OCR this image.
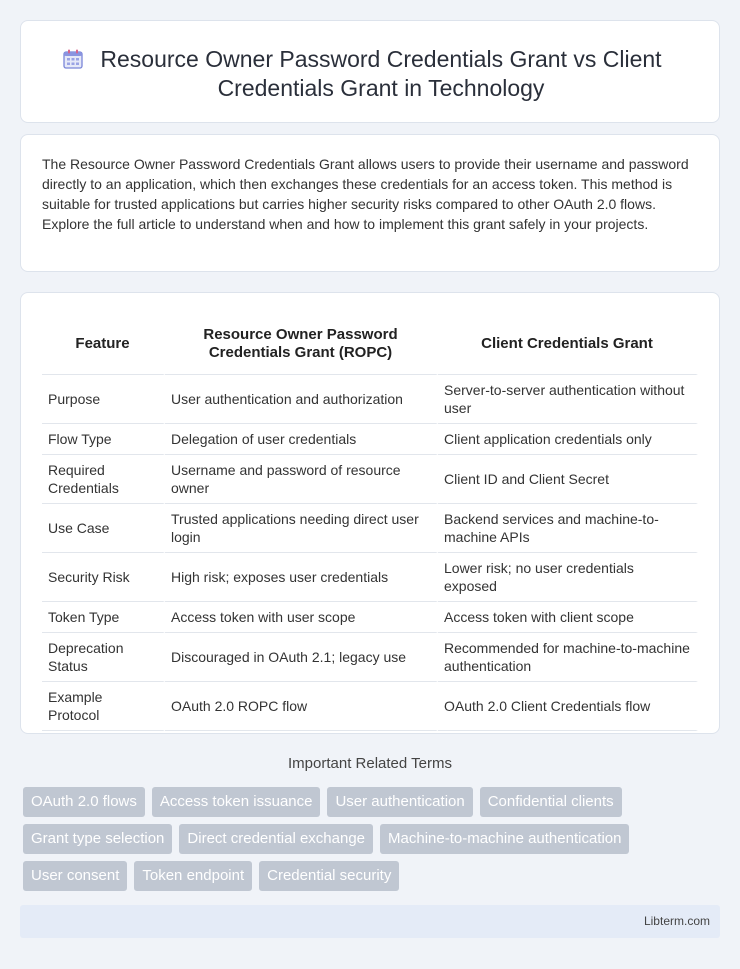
Resource Owner Password Credentials Grant vs Client Credentials Grant in Technology

The Resource Owner Password Credentials Grant allows users to provide their username and password directly to an application, which then exchanges these credentials for an access token. This method is suitable for trusted applications but carries higher security risks compared to other OAuth 2.0 flows. Explore the full article to understand when and how to implement this grant safely in your projects.

Feature	Resource Owner Password Credentials Grant (ROPC)	Client Credentials Grant
Purpose	User authentication and authorization	Server-to-server authentication without user
Flow Type	Delegation of user credentials	Client application credentials only
Required Credentials	Username and password of resource owner	Client ID and Client Secret
Use Case	Trusted applications needing direct user login	Backend services and machine-to-machine APIs
Security Risk	High risk; exposes user credentials	Lower risk; no user credentials exposed
Token Type	Access token with user scope	Access token with client scope
Deprecation Status	Discouraged in OAuth 2.1; legacy use	Recommended for machine-to-machine authentication
Example Protocol	OAuth 2.0 ROPC flow	OAuth 2.0 Client Credentials flow
Important Related Terms
OAuth 2.0 flows	Access token issuance	User authentication	Confidential clients
Grant type selection	Direct credential exchange	Machine-to-machine authentication
User consent	Token endpoint	Credential security
Libterm.com
